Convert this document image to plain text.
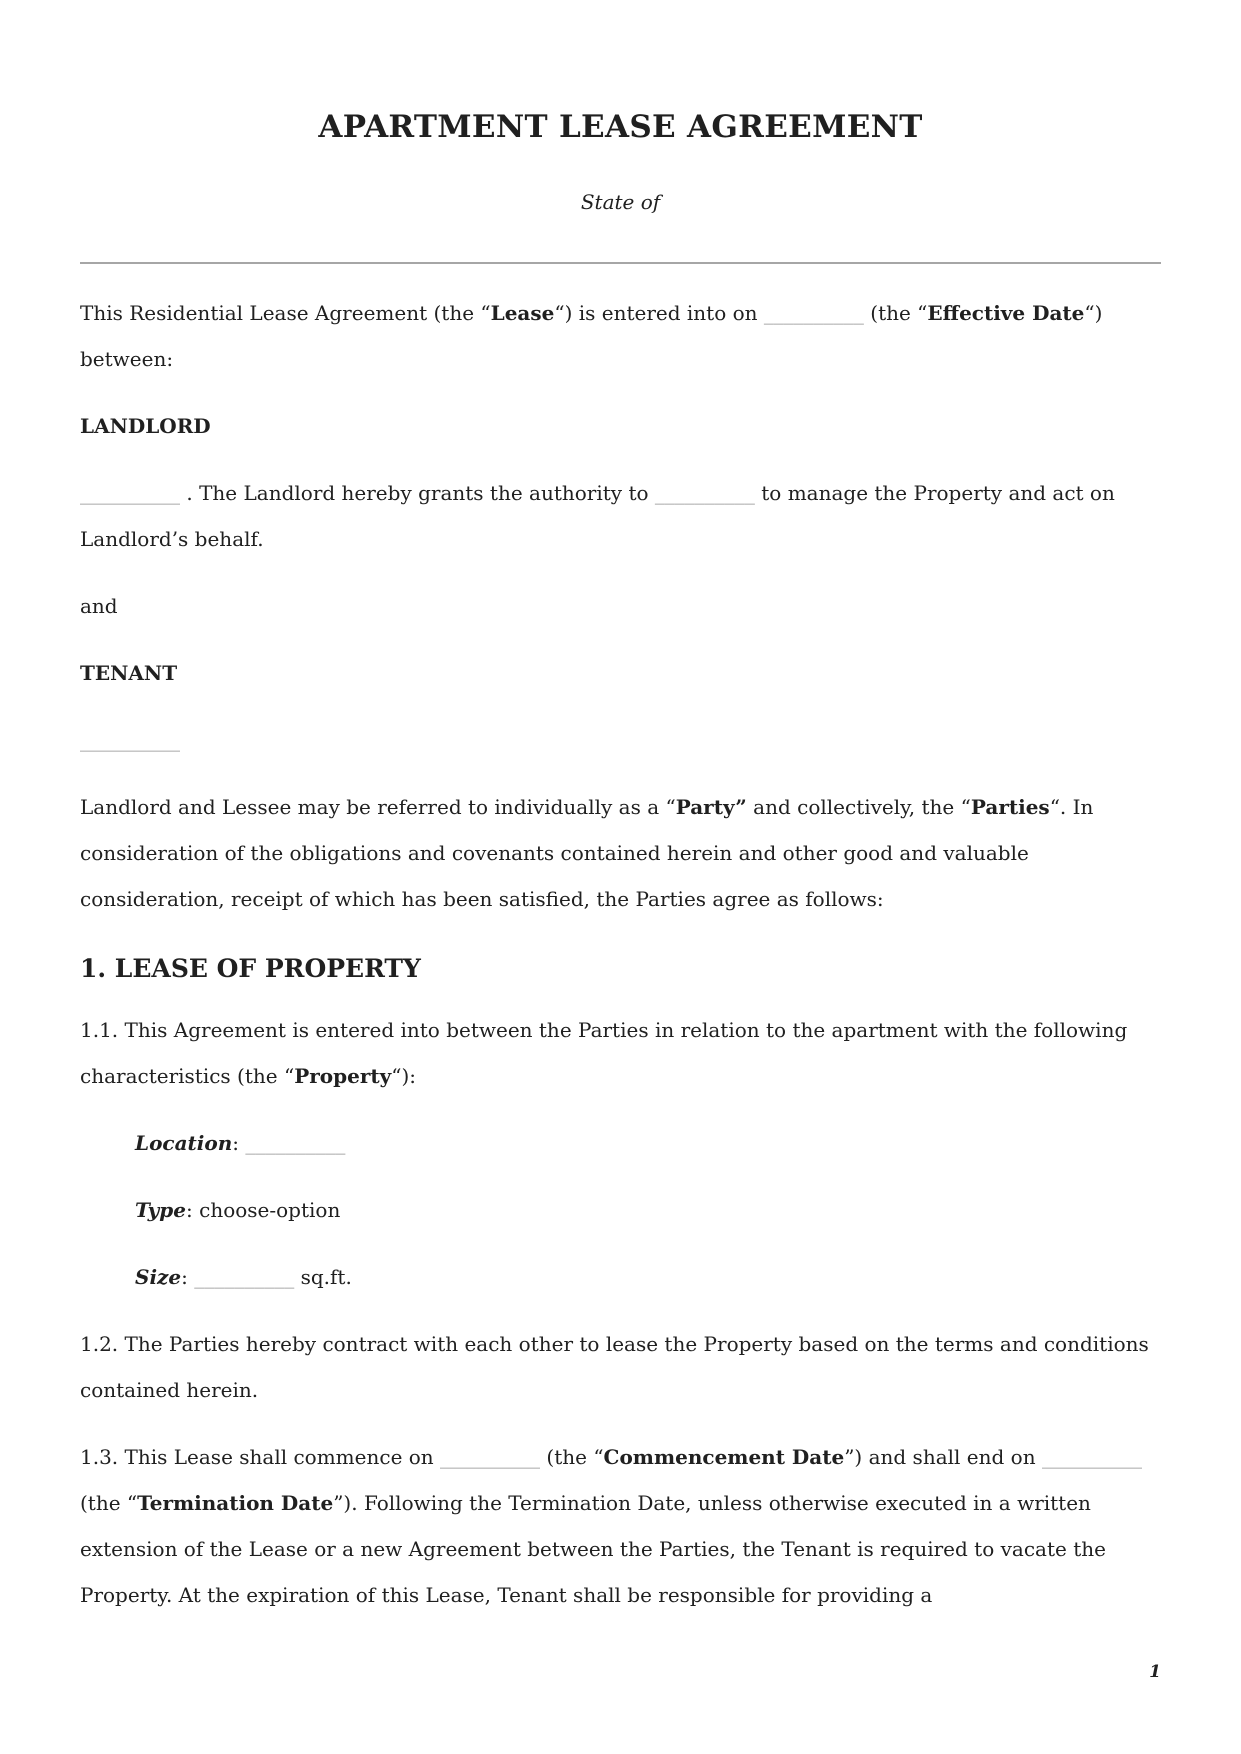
APARTMENT LEASE AGREEMENT
State of

This Residential Lease Agreement (the “Lease“) is entered into on __________ (the “Effective Date“) between:

LANDLORD

__________ . The Landlord hereby grants the authority to __________ to manage the Property and act on Landlord’s behalf.

and

TENANT

__________

Landlord and Lessee may be referred to individually as a “Party” and collectively, the “Parties“. In consideration of the obligations and covenants contained herein and other good and valuable consideration, receipt of which has been satisfied, the Parties agree as follows:

1. LEASE OF PROPERTY

1.1. This Agreement is entered into between the Parties in relation to the apartment with the following characteristics (the “Property“):

Location: __________

Type: choose-option

Size: __________ sq.ft.

1.2. The Parties hereby contract with each other to lease the Property based on the terms and conditions contained herein.

1.3. This Lease shall commence on __________ (the “Commencement Date”) and shall end on __________ (the “Termination Date”). Following the Termination Date, unless otherwise executed in a written extension of the Lease or a new Agreement between the Parties, the Tenant is required to vacate the Property. At the expiration of this Lease, Tenant shall be responsible for providing a

1
